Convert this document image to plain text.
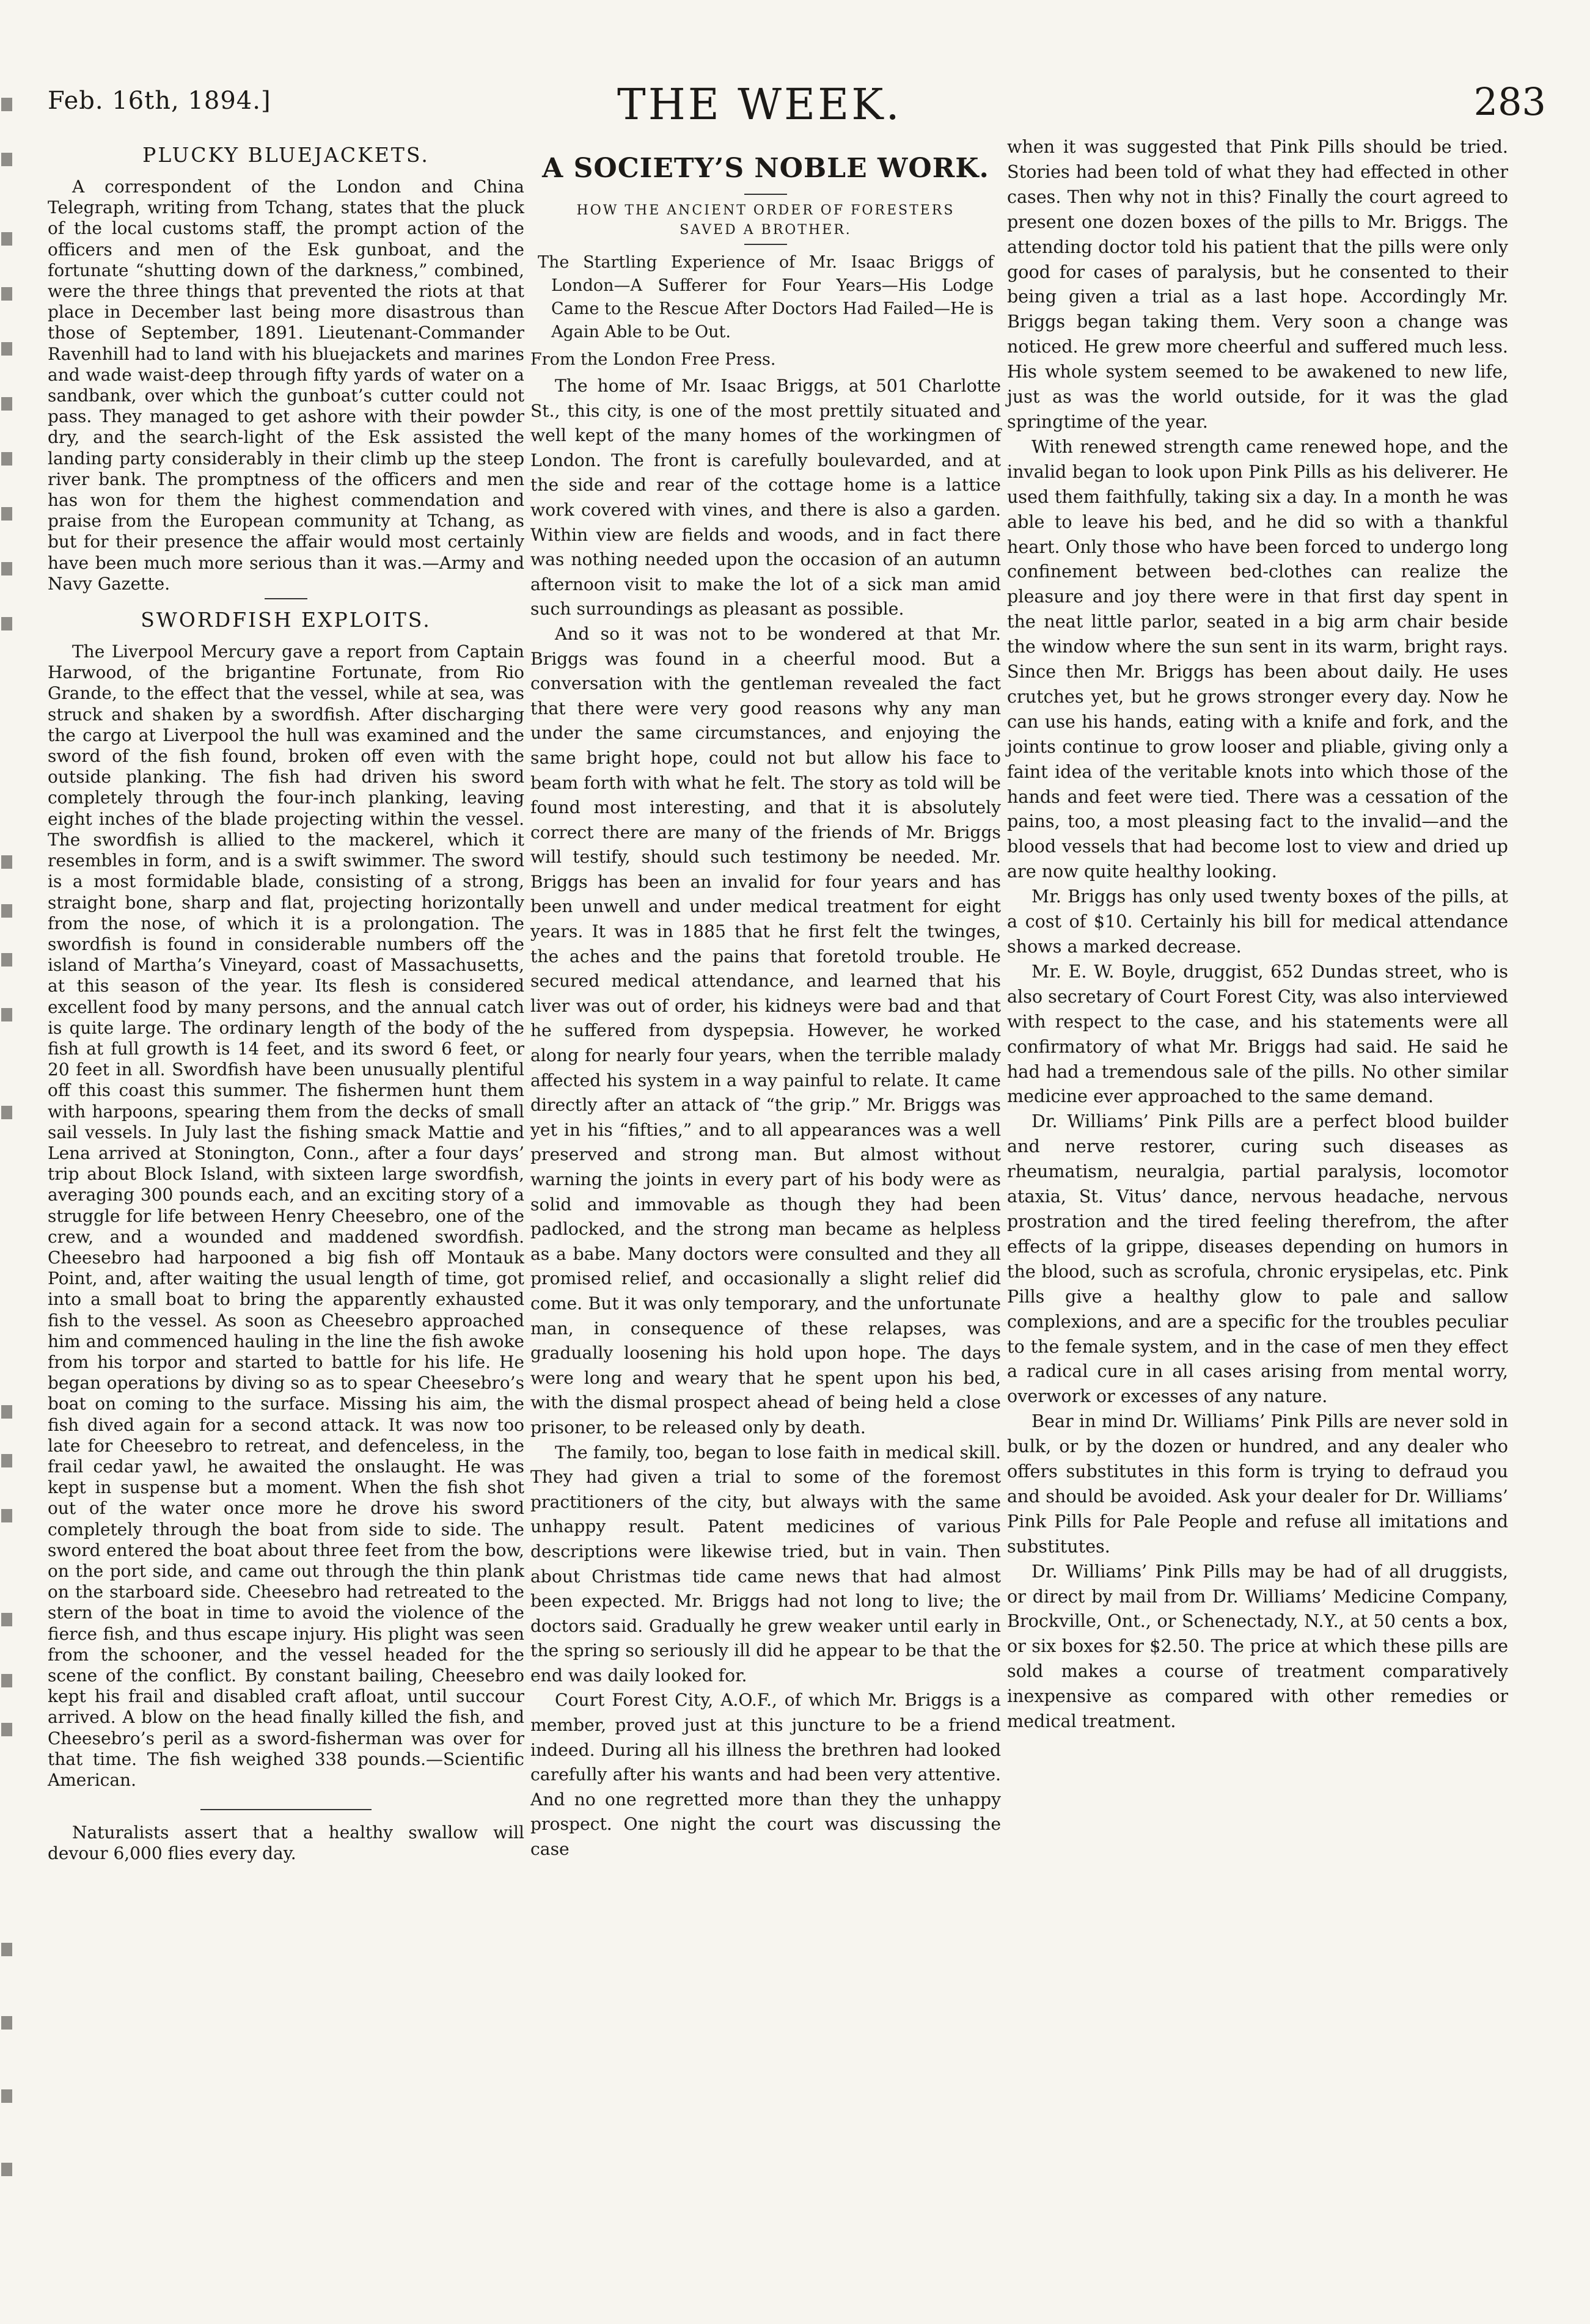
Feb. 16th, 1894.]	THE WEEK.	283
PLUCKY BLUEJACKETS.

A correspondent of the London and China Telegraph, writing from Tchang, states that the pluck of the local customs staff, the prompt action of the officers and men of the Esk gunboat, and the fortunate “shutting down of the darkness,” combined, were the three things that prevented the riots at that place in December last being more disastrous than those of September, 1891. Lieutenant-Commander Ravenhill had to land with his bluejackets and marines and wade waist-deep through fifty yards of water on a sandbank, over which the gunboat’s cutter could not pass. They managed to get ashore with their powder dry, and the search-light of the Esk assisted the landing party considerably in their climb up the steep river bank. The promptness of the officers and men has won for them the highest commendation and praise from the European community at Tchang, as but for their presence the affair would most certainly have been much more serious than it was.—Army and Navy Gazette.

SWORDFISH EXPLOITS.

The Liverpool Mercury gave a report from Captain Harwood, of the brigantine Fortunate, from Rio Grande, to the effect that the vessel, while at sea, was struck and shaken by a swordfish. After discharging the cargo at Liverpool the hull was examined and the sword of the fish found, broken off even with the outside planking. The fish had driven his sword completely through the four-inch planking, leaving eight inches of the blade projecting within the vessel. The swordfish is allied to the mackerel, which it resembles in form, and is a swift swimmer. The sword is a most formidable blade, consisting of a strong, straight bone, sharp and flat, projecting horizontally from the nose, of which it is a prolongation. The swordfish is found in considerable numbers off the island of Martha’s Vineyard, coast of Massachusetts, at this season of the year. Its flesh is considered excellent food by many persons, and the annual catch is quite large. The ordinary length of the body of the fish at full growth is 14 feet, and its sword 6 feet, or 20 feet in all. Swordfish have been unusually plentiful off this coast this summer. The fishermen hunt them with harpoons, spearing them from the decks of small sail vessels. In July last the fishing smack Mattie and Lena arrived at Stonington, Conn., after a four days’ trip about Block Island, with sixteen large swordfish, averaging 300 pounds each, and an exciting story of a struggle for life between Henry Cheesebro, one of the crew, and a wounded and maddened swordfish. Cheesebro had harpooned a big fish off Montauk Point, and, after waiting the usual length of time, got into a small boat to bring the apparently exhausted fish to the vessel. As soon as Cheesebro approached him and commenced hauling in the line the fish awoke from his torpor and started to battle for his life. He began operations by diving so as to spear Cheesebro’s boat on coming to the surface. Missing his aim, the fish dived again for a second attack. It was now too late for Cheesebro to retreat, and defenceless, in the frail cedar yawl, he awaited the onslaught. He was kept in suspense but a moment. When the fish shot out of the water once more he drove his sword completely through the boat from side to side. The sword entered the boat about three feet from the bow, on the port side, and came out through the thin plank on the starboard side. Cheesebro had retreated to the stern of the boat in time to avoid the violence of the fierce fish, and thus escape injury. His plight was seen from the schooner, and the vessel headed for the scene of the conflict. By constant bailing, Cheesebro kept his frail and disabled craft afloat, until succour arrived. A blow on the head finally killed the fish, and Cheesebro’s peril as a sword-fisherman was over for that time. The fish weighed 338 pounds.—Scientific American.

Naturalists assert that a healthy swallow will devour 6,000 flies every day.

A SOCIETY’S NOBLE WORK.
HOW THE ANCIENT ORDER OF FORESTERS SAVED A BROTHER.
The Startling Experience of Mr. Isaac Briggs of London—A Sufferer for Four Years—His Lodge Came to the Rescue After Doctors Had Failed—He is Again Able to be Out.
From the London Free Press.

The home of Mr. Isaac Briggs, at 501 Charlotte St., this city, is one of the most prettily situated and well kept of the many homes of the workingmen of London. The front is carefully boulevarded, and at the side and rear of the cottage home is a lattice work covered with vines, and there is also a garden. Within view are fields and woods, and in fact there was nothing needed upon the occasion of an autumn afternoon visit to make the lot of a sick man amid such surroundings as pleasant as possible.

And so it was not to be wondered at that Mr. Briggs was found in a cheerful mood. But a conversation with the gentleman revealed the fact that there were very good reasons why any man under the same circumstances, and enjoying the same bright hope, could not but allow his face to beam forth with what he felt. The story as told will be found most interesting, and that it is absolutely correct there are many of the friends of Mr. Briggs will testify, should such testimony be needed. Mr. Briggs has been an invalid for four years and has been unwell and under medical treatment for eight years. It was in 1885 that he first felt the twinges, the aches and the pains that foretold trouble. He secured medical attendance, and learned that his liver was out of order, his kidneys were bad and that he suffered from dyspepsia. However, he worked along for nearly four years, when the terrible malady affected his system in a way painful to relate. It came directly after an attack of “the grip.” Mr. Briggs was yet in his “fifties,” and to all appearances was a well preserved and strong man. But almost without warning the joints in every part of his body were as solid and immovable as though they had been padlocked, and the strong man became as helpless as a babe. Many doctors were consulted and they all promised relief, and occasionally a slight relief did come. But it was only temporary, and the unfortunate man, in consequence of these relapses, was gradually loosening his hold upon hope. The days were long and weary that he spent upon his bed, with the dismal prospect ahead of being held a close prisoner, to be released only by death.

The family, too, began to lose faith in medical skill. They had given a trial to some of the foremost practitioners of the city, but always with the same unhappy result. Patent medicines of various descriptions were likewise tried, but in vain. Then about Christmas tide came news that had almost been expected. Mr. Briggs had not long to live; the doctors said. Gradually he grew weaker until early in the spring so seriously ill did he appear to be that the end was daily looked for.

Court Forest City, A.O.F., of which Mr. Briggs is a member, proved just at this juncture to be a friend indeed. During all his illness the brethren had looked carefully after his wants and had been very attentive. And no one regretted more than they the unhappy prospect. One night the court was discussing the case

when it was suggested that Pink Pills should be tried. Stories had been told of what they had effected in other cases. Then why not in this? Finally the court agreed to present one dozen boxes of the pills to Mr. Briggs. The attending doctor told his patient that the pills were only good for cases of paralysis, but he consented to their being given a trial as a last hope. Accordingly Mr. Briggs began taking them. Very soon a change was noticed. He grew more cheerful and suffered much less. His whole system seemed to be awakened to new life, just as was the world outside, for it was the glad springtime of the year.

With renewed strength came renewed hope, and the invalid began to look upon Pink Pills as his deliverer. He used them faithfully, taking six a day. In a month he was able to leave his bed, and he did so with a thankful heart. Only those who have been forced to undergo long confinement between bed-clothes can realize the pleasure and joy there were in that first day spent in the neat little parlor, seated in a big arm chair beside the window where the sun sent in its warm, bright rays. Since then Mr. Briggs has been about daily. He uses crutches yet, but he grows stronger every day. Now he can use his hands, eating with a knife and fork, and the joints continue to grow looser and pliable, giving only a faint idea of the veritable knots into which those of the hands and feet were tied. There was a cessation of the pains, too, a most pleasing fact to the invalid—and the blood vessels that had become lost to view and dried up are now quite healthy looking.

Mr. Briggs has only used twenty boxes of the pills, at a cost of $10. Certainly his bill for medical attendance shows a marked decrease.

Mr. E. W. Boyle, druggist, 652 Dundas street, who is also secretary of Court Forest City, was also interviewed with respect to the case, and his statements were all confirmatory of what Mr. Briggs had said. He said he had had a tremendous sale of the pills. No other similar medicine ever approached to the same demand.

Dr. Williams’ Pink Pills are a perfect blood builder and nerve restorer, curing such diseases as rheumatism, neuralgia, partial paralysis, locomotor ataxia, St. Vitus’ dance, nervous headache, nervous prostration and the tired feeling therefrom, the after effects of la grippe, diseases depending on humors in the blood, such as scrofula, chronic erysipelas, etc. Pink Pills give a healthy glow to pale and sallow complexions, and are a specific for the troubles peculiar to the female system, and in the case of men they effect a radical cure in all cases arising from mental worry, overwork or excesses of any nature.

Bear in mind Dr. Williams’ Pink Pills are never sold in bulk, or by the dozen or hundred, and any dealer who offers substitutes in this form is trying to defraud you and should be avoided. Ask your dealer for Dr. Williams’ Pink Pills for Pale People and refuse all imitations and substitutes.

Dr. Williams’ Pink Pills may be had of all druggists, or direct by mail from Dr. Williams’ Medicine Company, Brockville, Ont., or Schenectady, N.Y., at 50 cents a box, or six boxes for $2.50. The price at which these pills are sold makes a course of treatment comparatively inexpensive as compared with other remedies or medical treatment.
